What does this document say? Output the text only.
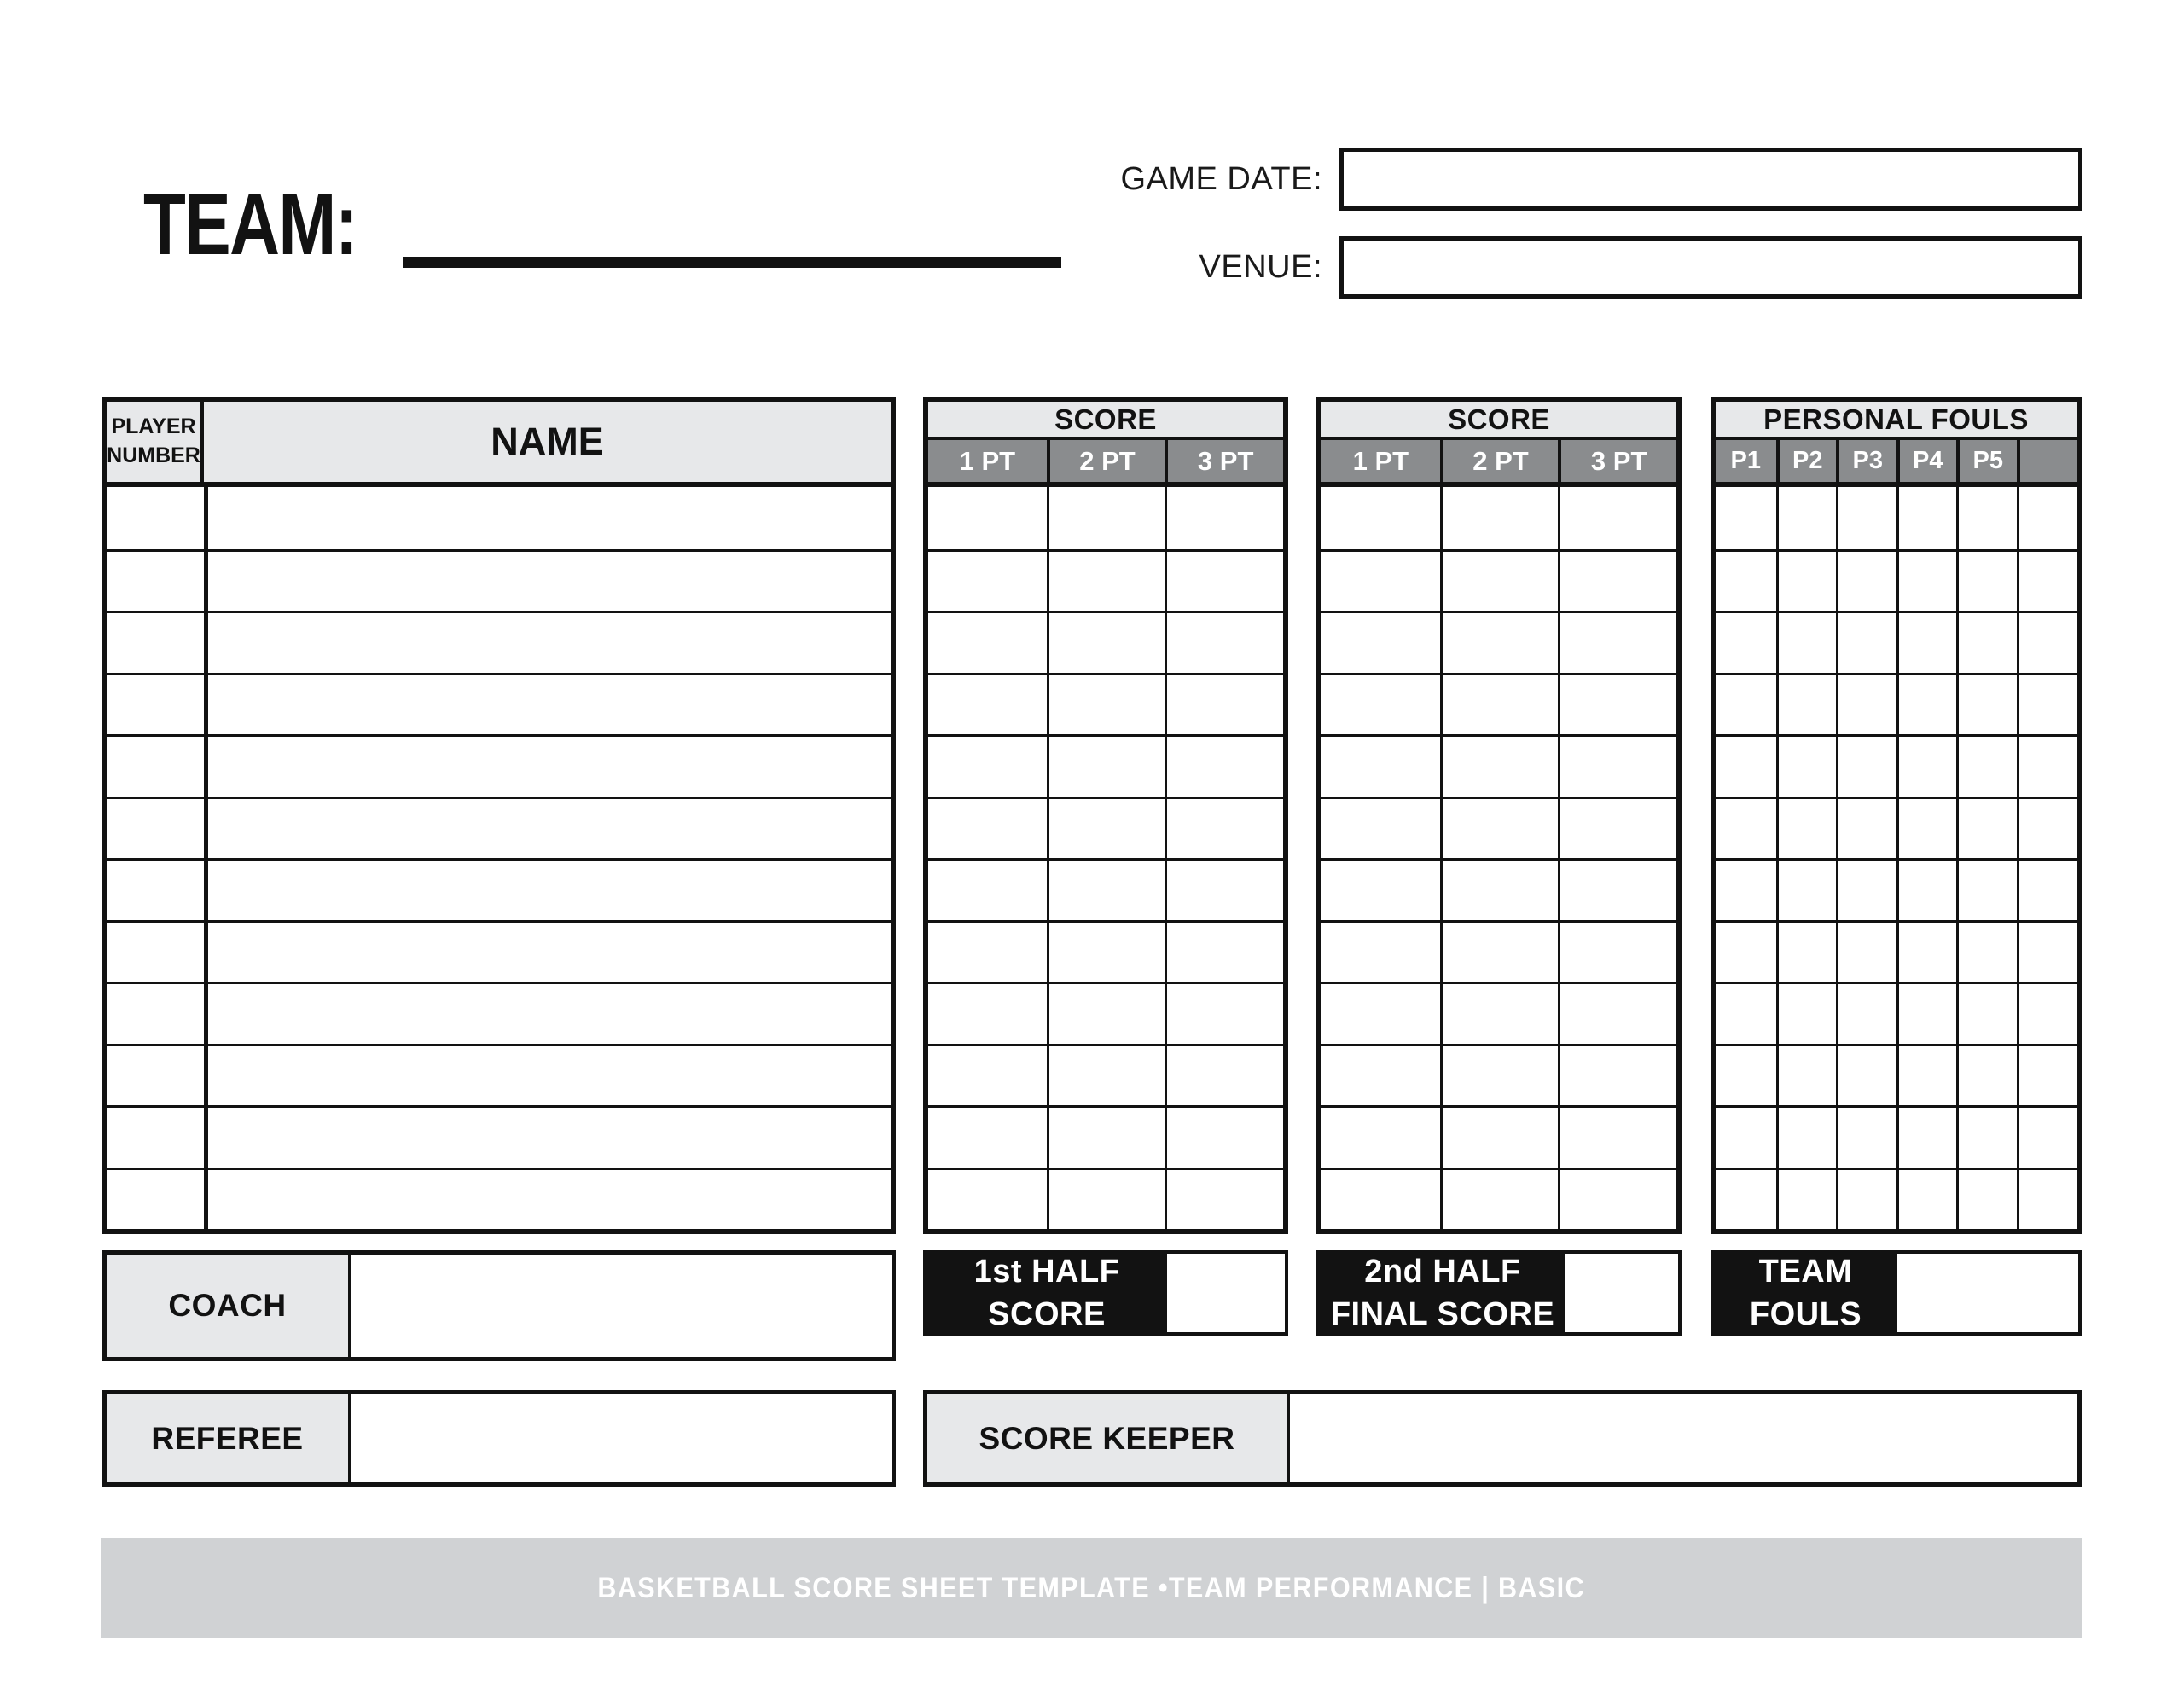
TEAM:	GAME DATE:
VENUE:
PLAYER NUMBER	NAME
SCORE
1 PT	2 PT	3 PT
SCORE
1 PT	2 PT	3 PT
PERSONAL FOULS
P1	P2	P3	P4	P5
COACH
1st HALF
SCORE
2nd HALF
FINAL SCORE
TEAM
FOULS
REFEREE	SCORE KEEPER
BASKETBALL SCORE SHEET TEMPLATE •TEAM PERFORMANCE | BASIC
